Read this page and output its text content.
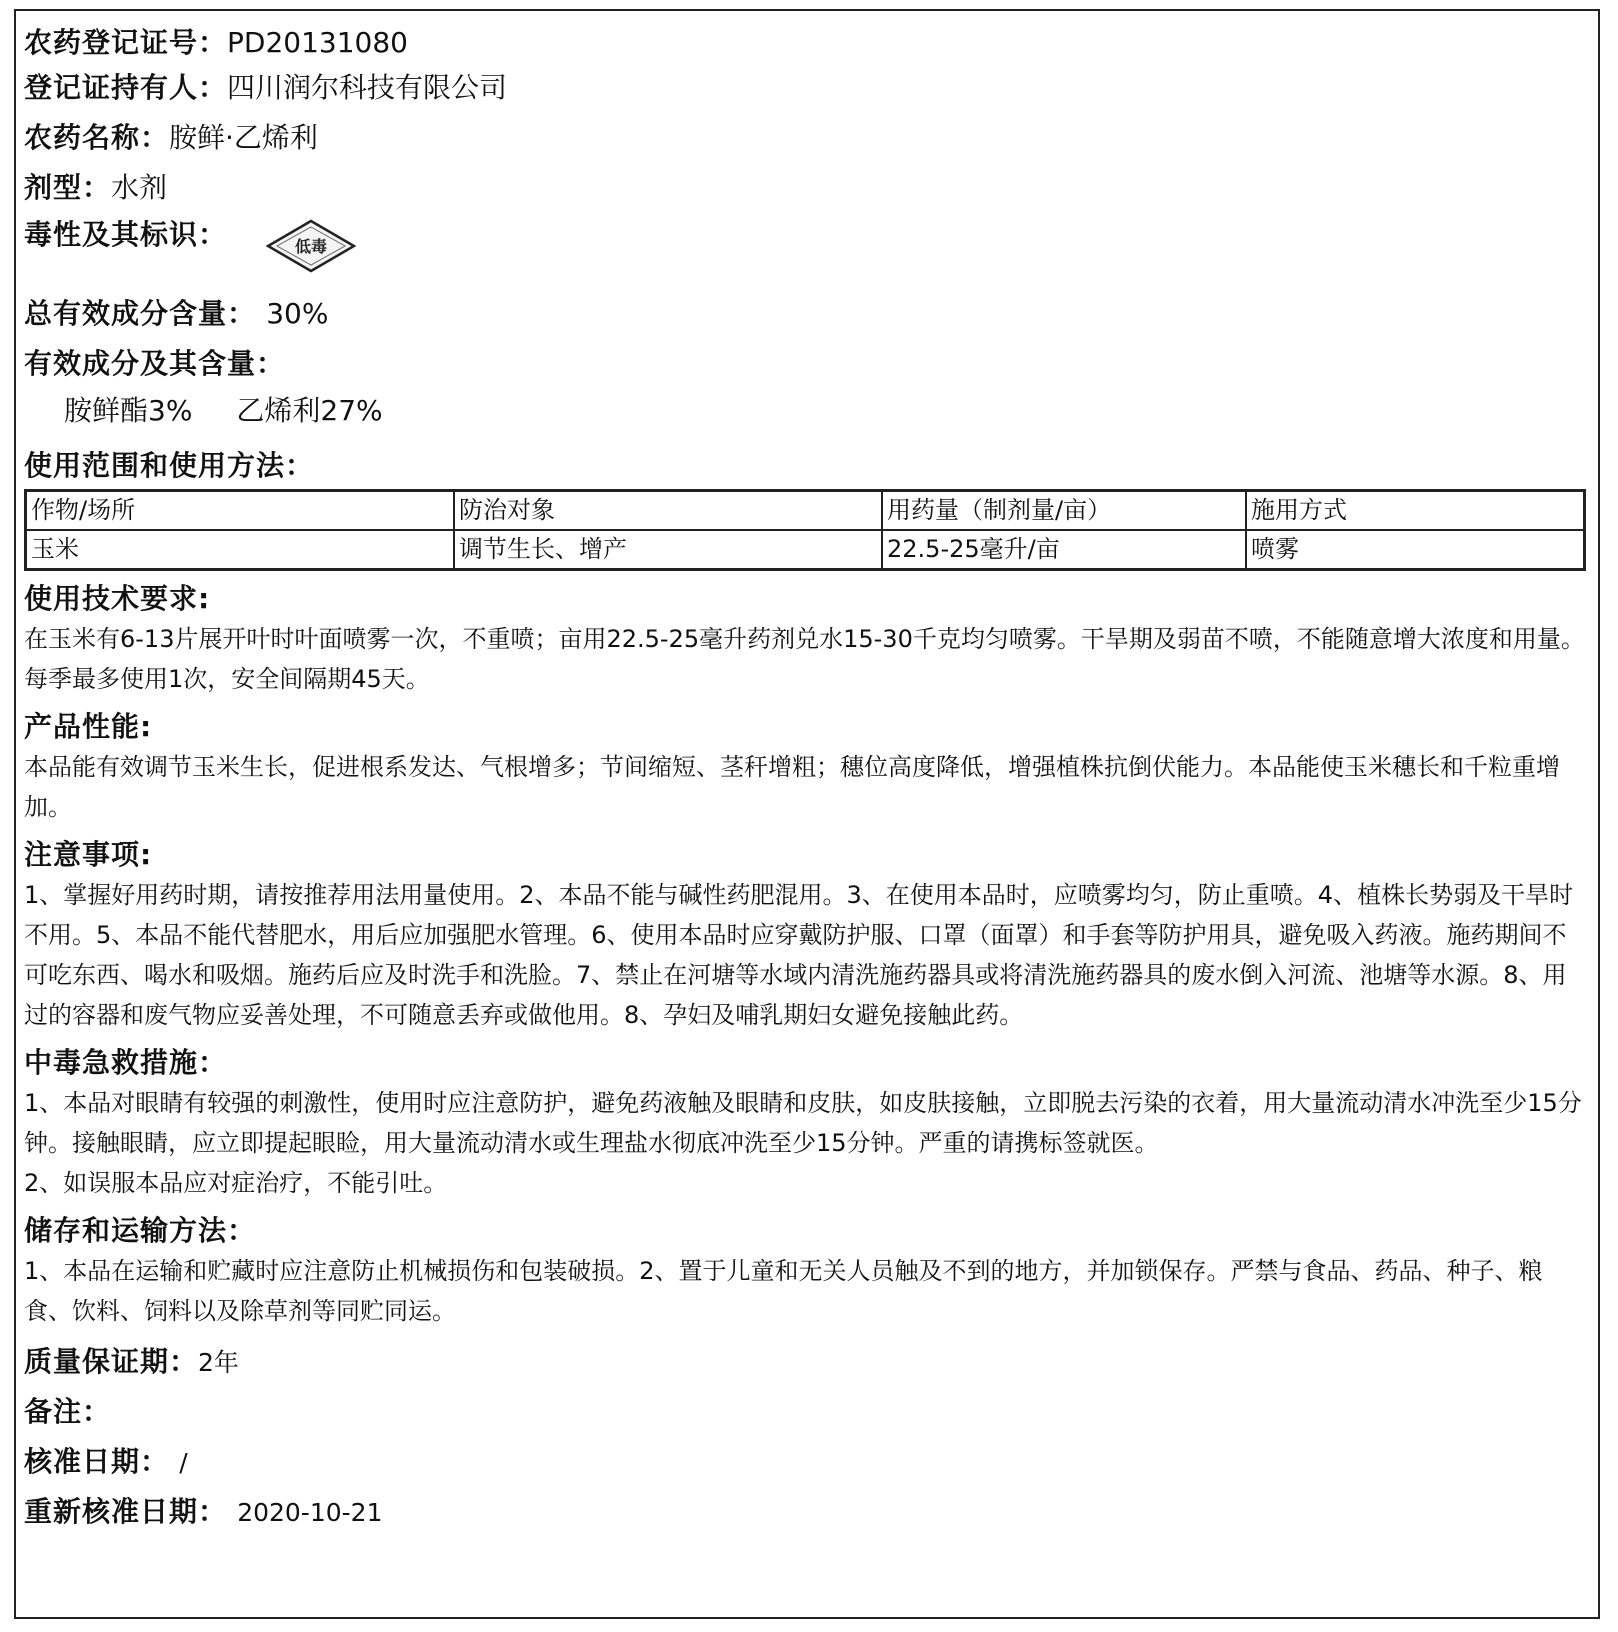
农药登记证号：PD20131080
登记证持有人：四川润尔科技有限公司
农药名称：胺鲜·乙烯利
剂型：水剂
毒性及其标识：	低毒
总有效成分含量： 30%
有效成分及其含量：
胺鲜酯3% 乙烯利27%
使用范围和使用方法：
作物/场所	防治对象	用药量（制剂量/亩）	施用方式
玉米	调节生长、增产	22.5-25毫升/亩	喷雾
使用技术要求:
在玉米有6-13片展开叶时叶面喷雾一次，不重喷；亩用22.5-25毫升药剂兑水15-30千克均匀喷雾。干旱期及弱苗不喷，不能随意增大浓度和用量。每季最多使用1次，安全间隔期45天。
产品性能:
本品能有效调节玉米生长，促进根系发达、气根增多；节间缩短、茎秆增粗；穗位高度降低，增强植株抗倒伏能力。本品能使玉米穗长和千粒重增加。
注意事项:
1、掌握好用药时期，请按推荐用法用量使用。2、本品不能与碱性药肥混用。3、在使用本品时，应喷雾均匀，防止重喷。4、植株长势弱及干旱时不用。5、本品不能代替肥水，用后应加强肥水管理。6、使用本品时应穿戴防护服、口罩（面罩）和手套等防护用具，避免吸入药液。施药期间不可吃东西、喝水和吸烟。施药后应及时洗手和洗脸。7、禁止在河塘等水域内清洗施药器具或将清洗施药器具的废水倒入河流、池塘等水源。8、用过的容器和废气物应妥善处理，不可随意丢弃或做他用。8、孕妇及哺乳期妇女避免接触此药。
中毒急救措施：
1、本品对眼睛有较强的刺激性，使用时应注意防护，避免药液触及眼睛和皮肤，如皮肤接触，立即脱去污染的衣着，用大量流动清水冲洗至少15分钟。接触眼睛，应立即提起眼睑，用大量流动清水或生理盐水彻底冲洗至少15分钟。严重的请携标签就医。
2、如误服本品应对症治疗，不能引吐。
储存和运输方法：
1、本品在运输和贮藏时应注意防止机械损伤和包装破损。2、置于儿童和无关人员触及不到的地方，并加锁保存。严禁与食品、药品、种子、粮食、饮料、饲料以及除草剂等同贮同运。
质量保证期：2年
备注：
核准日期： /
重新核准日期： 2020-10-21
